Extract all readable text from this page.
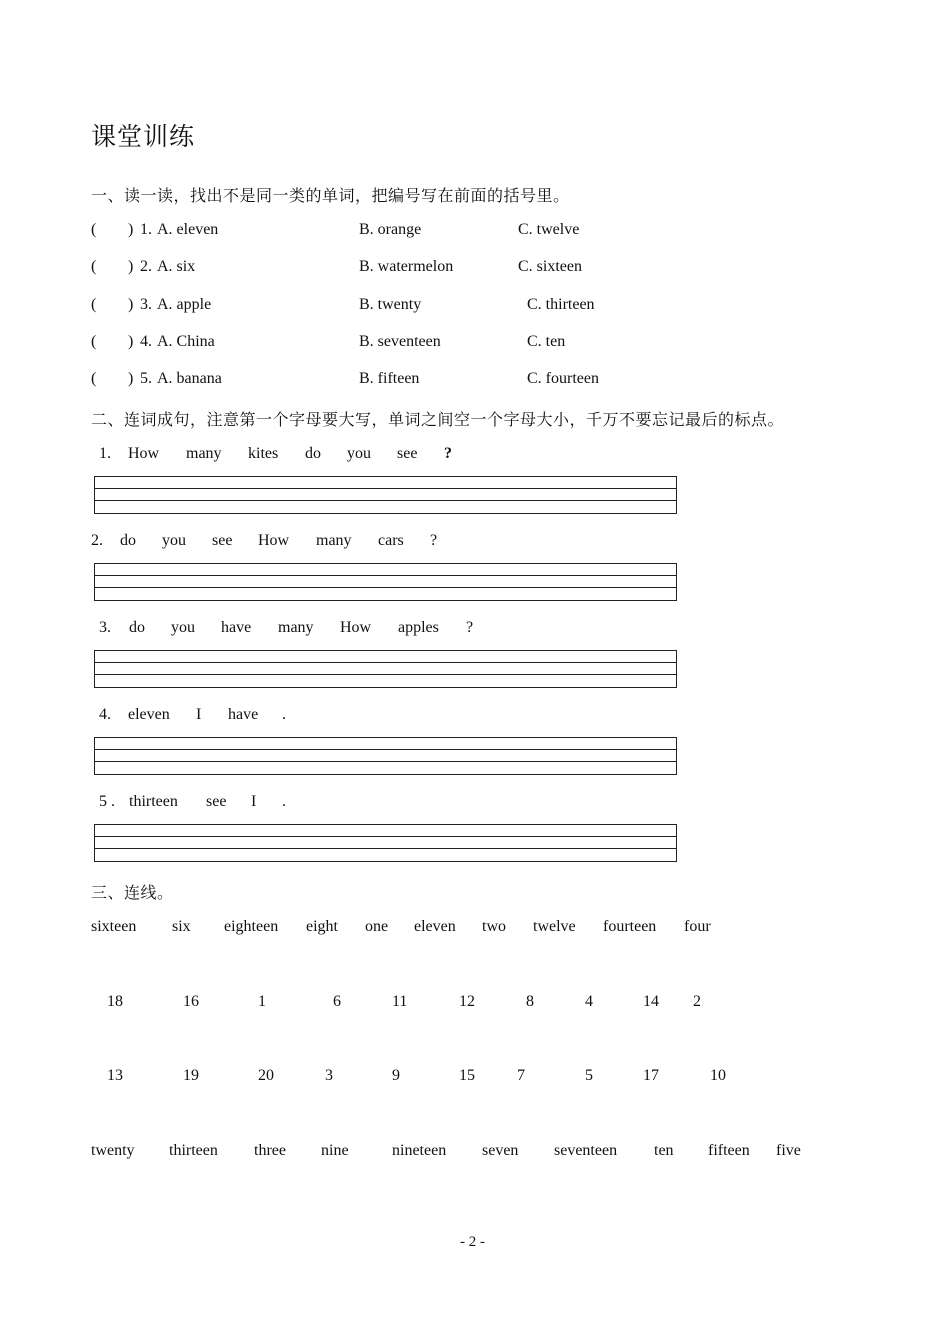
课堂训练
一、读一读，找出不是同一类的单词，把编号写在前面的括号里。
( ) 1. A. eleven	B. orange	C. twelve
( ) 2. A. six	B. watermelon	C. sixteen
( ) 3. A. apple	B. twenty	C. thirteen
( ) 4. A. China	B. seventeen	C. ten
( ) 5. A. banana	B. fifteen	C. fourteen
二、连词成句，注意第一个字母要大写，单词之间空一个字母大小，千万不要忘记最后的标点。
1. How many kites do you see ?
2. do you see How many cars ?
3. do you have many How apples ?
4. eleven I have .
5 . thirteen see I .
三、连线。
sixteen six eighteen eight one eleven two twelve fourteen four
18	16	1	6	11	12	8	4	14 2
13	19	20	3	9	15	7	5	17	10
twenty thirteen three nine	nineteen seven seventeen ten fifteen five
- 2 -
